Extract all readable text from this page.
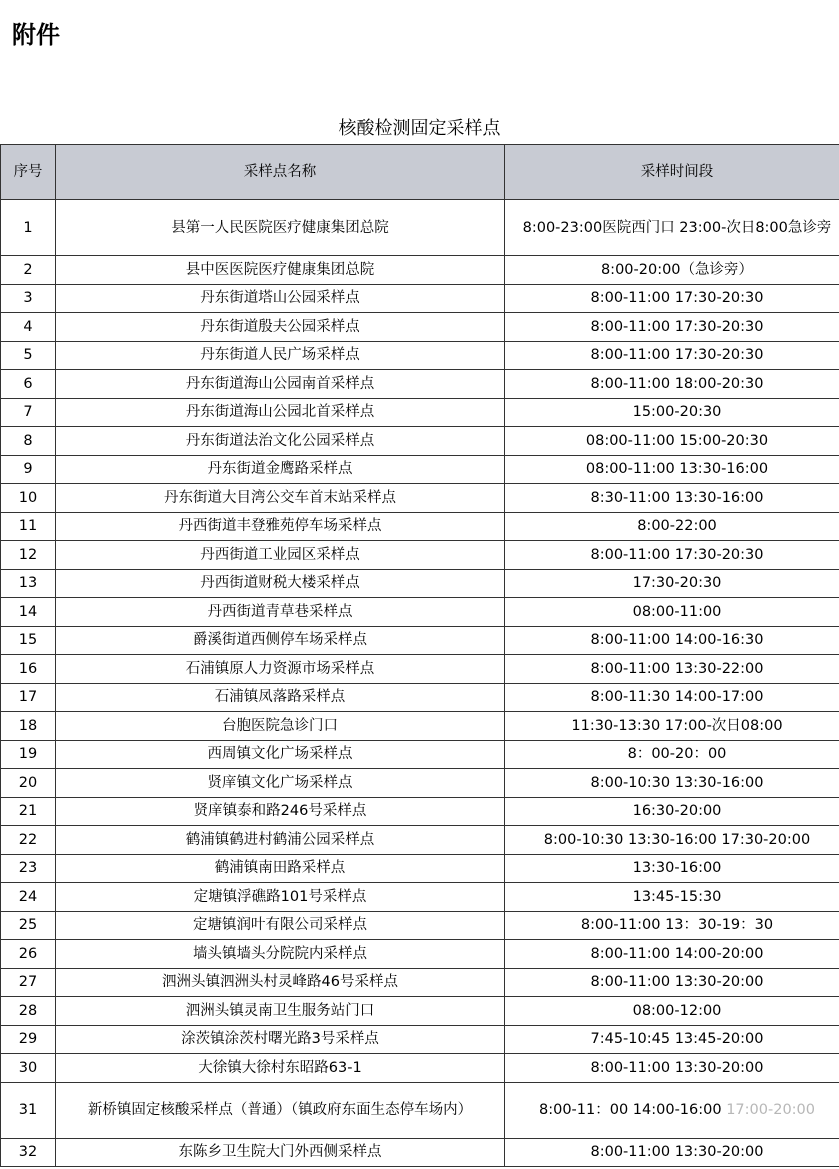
附件
核酸检测固定采样点
序号	采样点名称	采样时间段
1	县第一人民医院医疗健康集团总院	8:00-23:00医院西门口 23:00-次日8:00急诊旁
2	县中医医院医疗健康集团总院	8:00-20:00（急诊旁）
3	丹东街道塔山公园采样点	8:00-11:00 17:30-20:30
4	丹东街道殷夫公园采样点	8:00-11:00 17:30-20:30
5	丹东街道人民广场采样点	8:00-11:00 17:30-20:30
6	丹东街道海山公园南首采样点	8:00-11:00 18:00-20:30
7	丹东街道海山公园北首采样点	15:00-20:30
8	丹东街道法治文化公园采样点	08:00-11:00 15:00-20:30
9	丹东街道金鹰路采样点	08:00-11:00 13:30-16:00
10	丹东街道大目湾公交车首末站采样点	8:30-11:00 13:30-16:00
11	丹西街道丰登雅苑停车场采样点	8:00-22:00
12	丹西街道工业园区采样点	8:00-11:00 17:30-20:30
13	丹西街道财税大楼采样点	17:30-20:30
14	丹西街道青草巷采样点	08:00-11:00
15	爵溪街道西侧停车场采样点	8:00-11:00 14:00-16:30
16	石浦镇原人力资源市场采样点	8:00-11:00 13:30-22:00
17	石浦镇凤落路采样点	8:00-11:30 14:00-17:00
18	台胞医院急诊门口	11:30-13:30 17:00-次日08:00
19	西周镇文化广场采样点	8：00-20：00
20	贤庠镇文化广场采样点	8:00-10:30 13:30-16:00
21	贤庠镇泰和路246号采样点	16:30-20:00
22	鹤浦镇鹤进村鹤浦公园采样点	8:00-10:30 13:30-16:00 17:30-20:00
23	鹤浦镇南田路采样点	13:30-16:00
24	定塘镇浮礁路101号采样点	13:45-15:30
25	定塘镇润叶有限公司采样点	8:00-11:00 13：30-19：30
26	墙头镇墙头分院院内采样点	8:00-11:00 14:00-20:00
27	泗洲头镇泗洲头村灵峰路46号采样点	8:00-11:00 13:30-20:00
28	泗洲头镇灵南卫生服务站门口	08:00-12:00
29	涂茨镇涂茨村曙光路3号采样点	7:45-10:45 13:45-20:00
30	大徐镇大徐村东昭路63-1	8:00-11:00 13:30-20:00
31	新桥镇固定核酸采样点（普通）（镇政府东面生态停车场内）	8:00-11：00 14:00-16:00 17:00-20:00
32	东陈乡卫生院大门外西侧采样点	8:00-11:00 13:30-20:00
